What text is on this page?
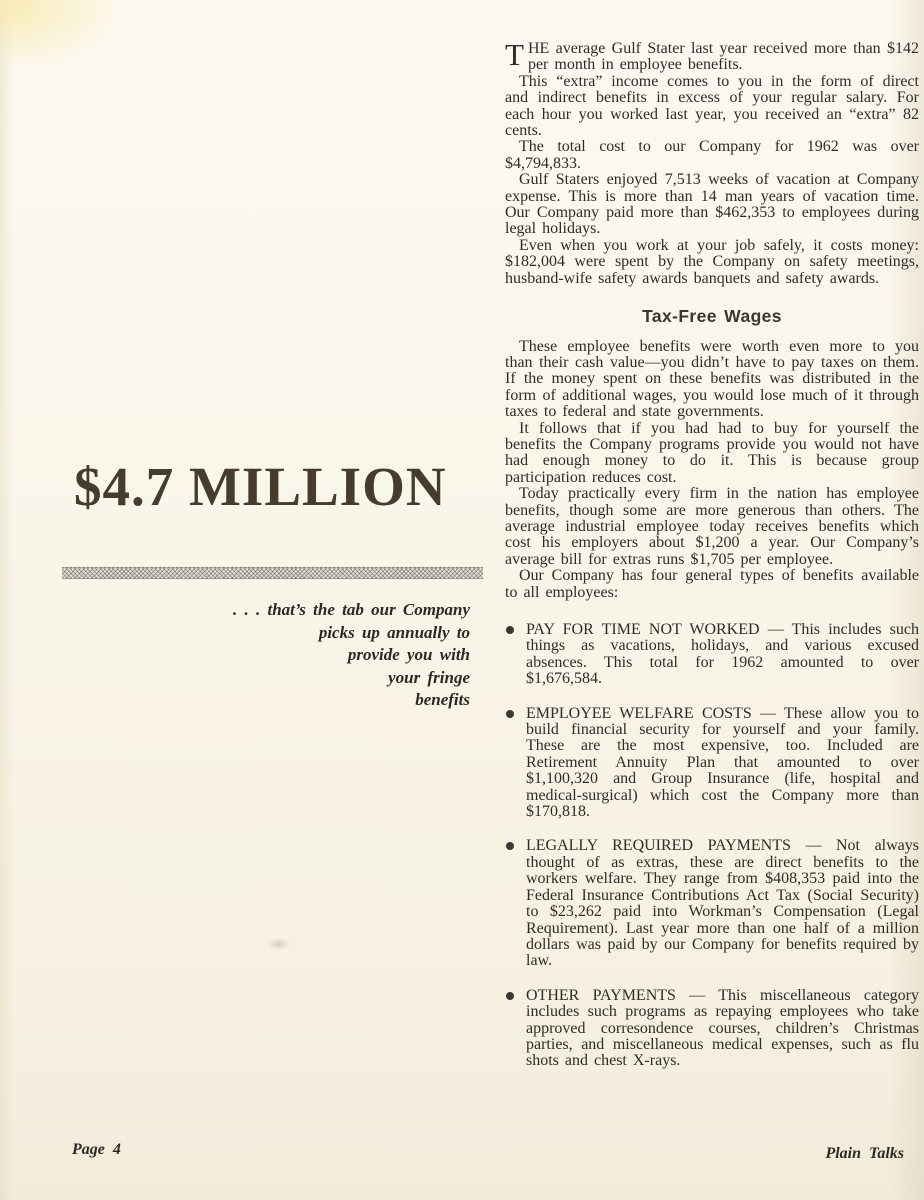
$4.7 MILLION
. . . that’s the tab our Company
picks up annually to
provide you with
your fringe
benefits

THE average Gulf Stater last year received more than $142 per month in employee benefits.

This “extra” income comes to you in the form of direct and indirect benefits in excess of your regular salary. For each hour you worked last year, you received an “extra” 82 cents.

The total cost to our Company for 1962 was over $4,794,833.

Gulf Staters enjoyed 7,513 weeks of vacation at Company expense. This is more than 14 man years of vacation time. Our Company paid more than $462,353 to employees during legal holidays.

Even when you work at your job safely, it costs money: $182,004 were spent by the Company on safety meetings, husband-wife safety awards banquets and safety awards.

Tax-Free Wages

These employee benefits were worth even more to you than their cash value—you didn’t have to pay taxes on them. If the money spent on these benefits was distributed in the form of additional wages, you would lose much of it through taxes to federal and state governments.

It follows that if you had had to buy for yourself the benefits the Company programs provide you would not have had enough money to do it. This is because group participation reduces cost.

Today practically every firm in the nation has employee benefits, though some are more generous than others. The average industrial employee today receives benefits which cost his employers about $1,200 a year. Our Company’s average bill for extras runs $1,705 per employee.

Our Company has four general types of benefits available to all employees:

PAY FOR TIME NOT WORKED — This includes such things as vacations, holidays, and various excused absences. This total for 1962 amounted to over $1,676,584.
EMPLOYEE WELFARE COSTS — These allow you to build financial security for yourself and your family. These are the most expensive, too. Included are Retirement Annuity Plan that amounted to over $1,100,320 and Group Insurance (life, hospital and medical-surgical) which cost the Company more than $170,818.
LEGALLY REQUIRED PAYMENTS — Not always thought of as extras, these are direct benefits to the workers welfare. They range from $408,353 paid into the Federal Insurance Contributions Act Tax (Social Security) to $23,262 paid into Workman’s Compensation (Legal Requirement). Last year more than one half of a million dollars was paid by our Company for benefits required by law.
OTHER PAYMENTS — This miscellaneous category includes such programs as repaying employees who take approved corresondence courses, children’s Christmas parties, and miscellaneous medical expenses, such as flu shots and chest X-rays.
Page 4	Plain Talks
